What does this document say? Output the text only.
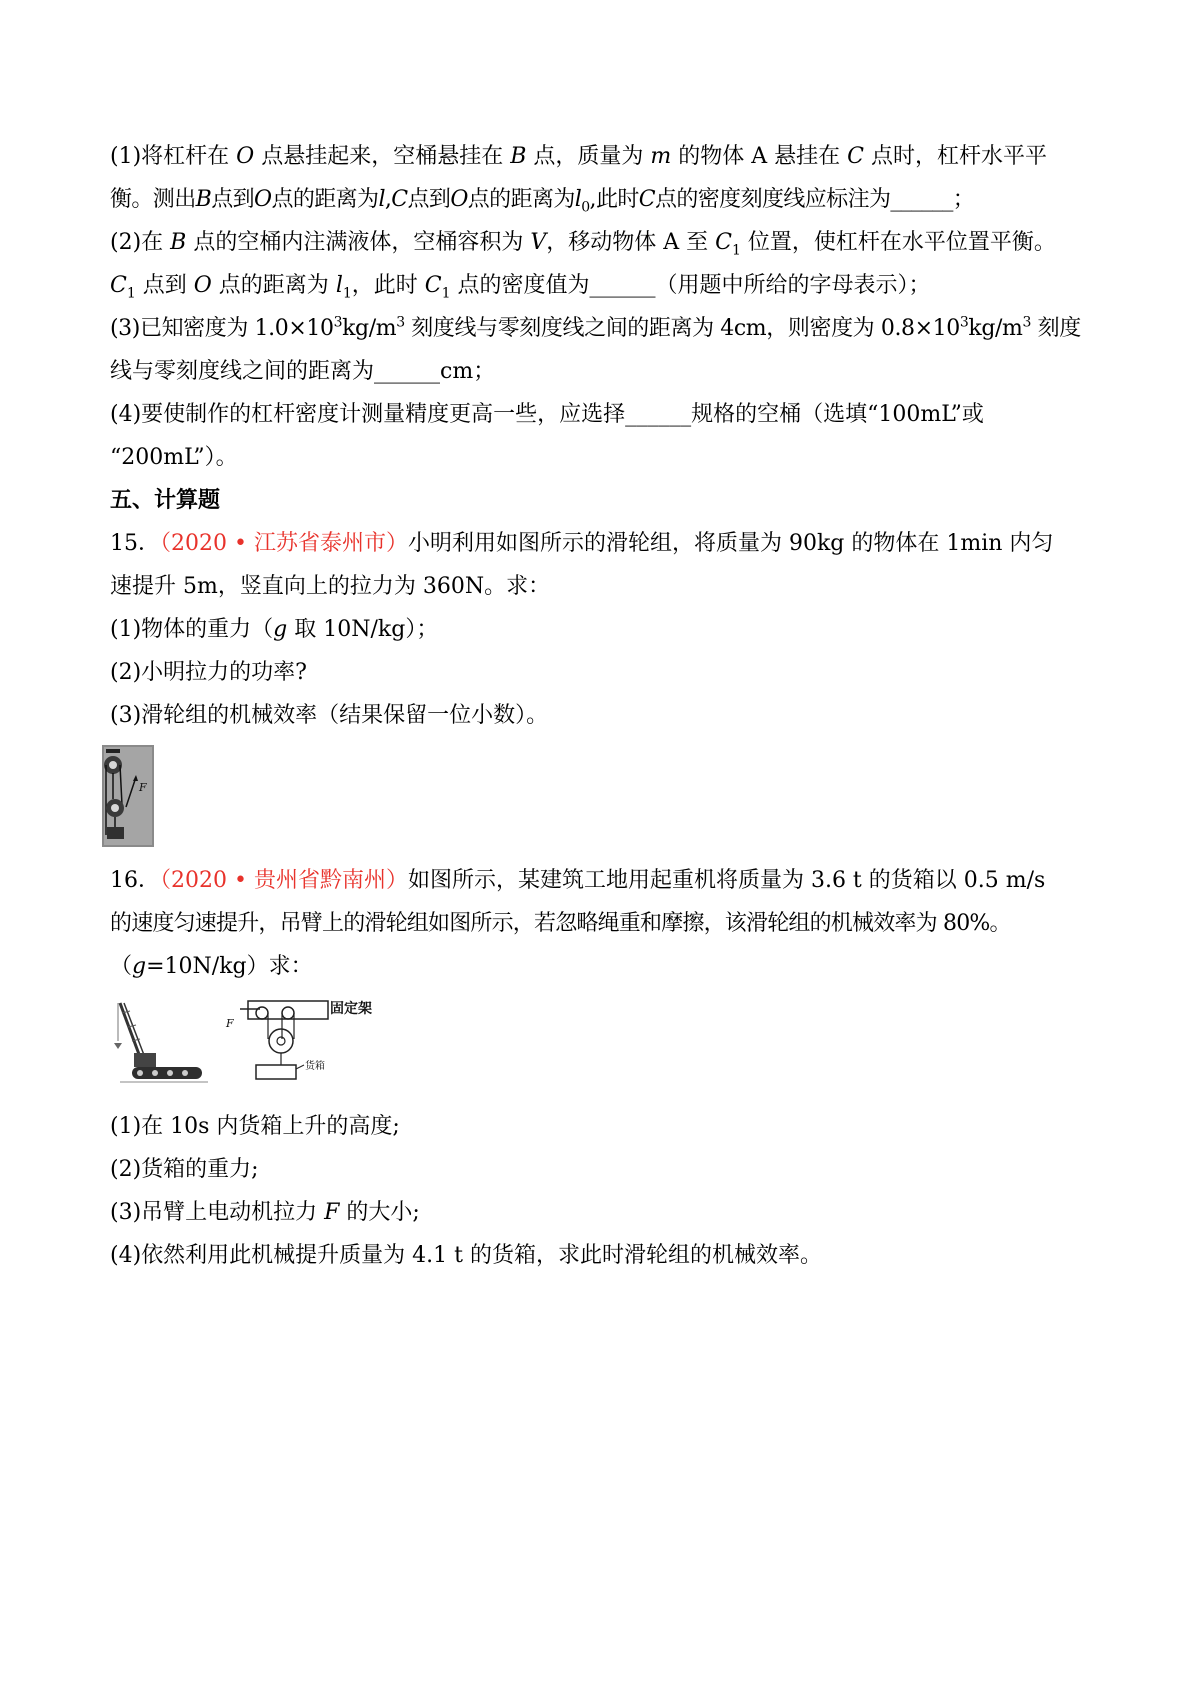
(1)将杠杆在 O 点悬挂起来，空桶悬挂在 B 点，质量为 m 的物体 A 悬挂在 C 点时，杠杆水平平
衡。测出B点到O点的距离为l,C点到O点的距离为$l_0$,此时C点的密度刻度线应标注为______；
(2)在 B 点的空桶内注满液体，空桶容积为 V，移动物体 A 至 $C_1$ 位置，使杠杆在水平位置平衡。
$C_1$ 点到 O 点的距离为 $l_1$，此时 $C_1$ 点的密度值为______（用题中所给的字母表示）；
(3)已知密度为 $1.0\times 10^3kg/m^3$ 刻度线与零刻度线之间的距离为 4cm，则密度为 $0.8\times 10^3kg/m^3$ 刻度
线与零刻度线之间的距离为______cm；
(4)要使制作的杠杆密度计测量精度更高一些，应选择______规格的空桶（选填“100mL”或
“200mL”）。
五、计算题
15．（2020 • 江苏省泰州市）小明利用如图所示的滑轮组，将质量为 90kg 的物体在 1min 内匀
速提升 5m，竖直向上的拉力为 360N。求：
(1)物体的重力（g 取 10N/kg）；
(2)小明拉力的功率?
(3)滑轮组的机械效率（结果保留一位小数）。
F
16．（2020 • 贵州省黔南州）如图所示，某建筑工地用起重机将质量为 3.6 t 的货箱以 0.5 m/s
的速度匀速提升，吊臂上的滑轮组如图所示，若忽略绳重和摩擦，该滑轮组的机械效率为 80%。
（g=10N/kg）求：
F
固定架
货箱
(1)在 10s 内货箱上升的高度;
(2)货箱的重力;
(3)吊臂上电动机拉力 F 的大小;
(4)依然利用此机械提升质量为 4.1 t 的货箱，求此时滑轮组的机械效率。
